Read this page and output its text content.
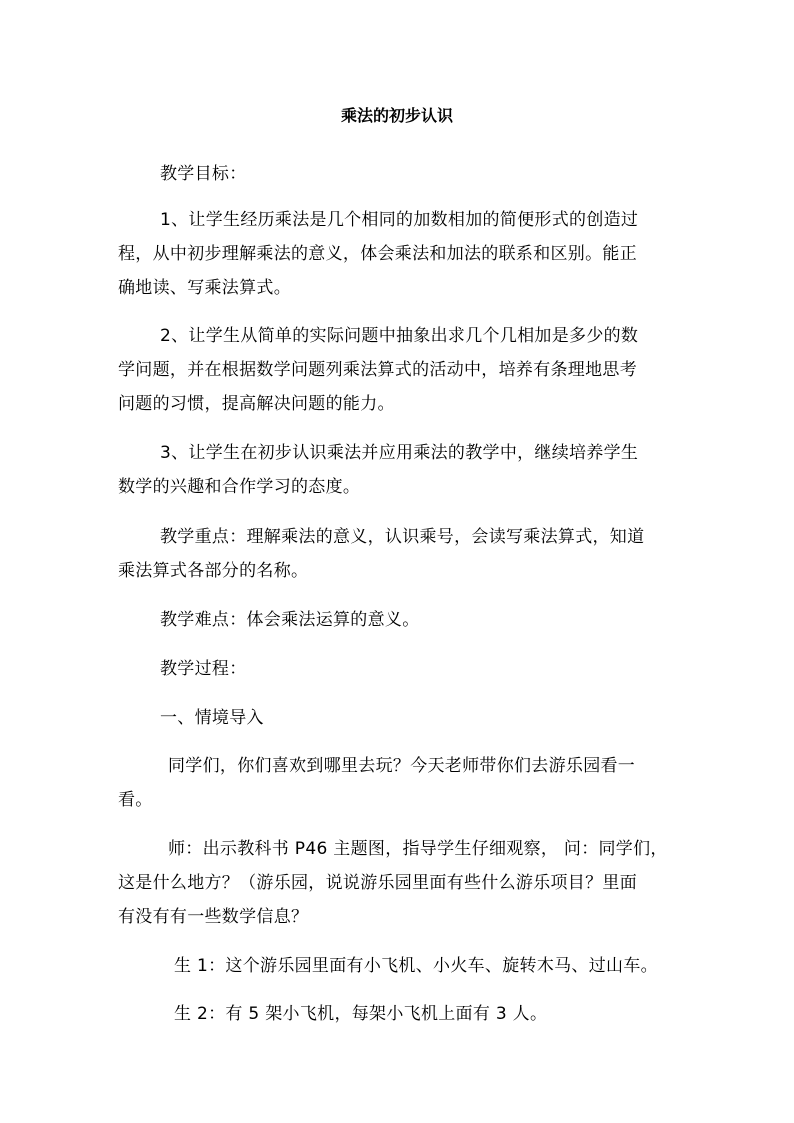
乘法的初步认识

教学目标：

1、让学生经历乘法是几个相同的加数相加的简便形式的创造过
程，从中初步理解乘法的意义，体会乘法和加法的联系和区别。能正
确地读、写乘法算式。

2、让学生从简单的实际问题中抽象出求几个几相加是多少的数
学问题，并在根据数学问题列乘法算式的活动中，培养有条理地思考
问题的习惯，提高解决问题的能力。

3、让学生在初步认识乘法并应用乘法的教学中，继续培养学生
数学的兴趣和合作学习的态度。

教学重点：理解乘法的意义，认识乘号，会读写乘法算式，知道
乘法算式各部分的名称。

教学难点：体会乘法运算的意义。

教学过程：

一、情境导入

同学们，你们喜欢到哪里去玩？今天老师带你们去游乐园看一
看。

师：出示教科书 P46 主题图，指导学生仔细观察， 问：同学们，
这是什么地方？（游乐园，说说游乐园里面有些什么游乐项目？里面
有没有有一些数学信息？

生 1：这个游乐园里面有小飞机、小火车、旋转木马、过山车。

生 2：有 5 架小飞机，每架小飞机上面有 3 人。
